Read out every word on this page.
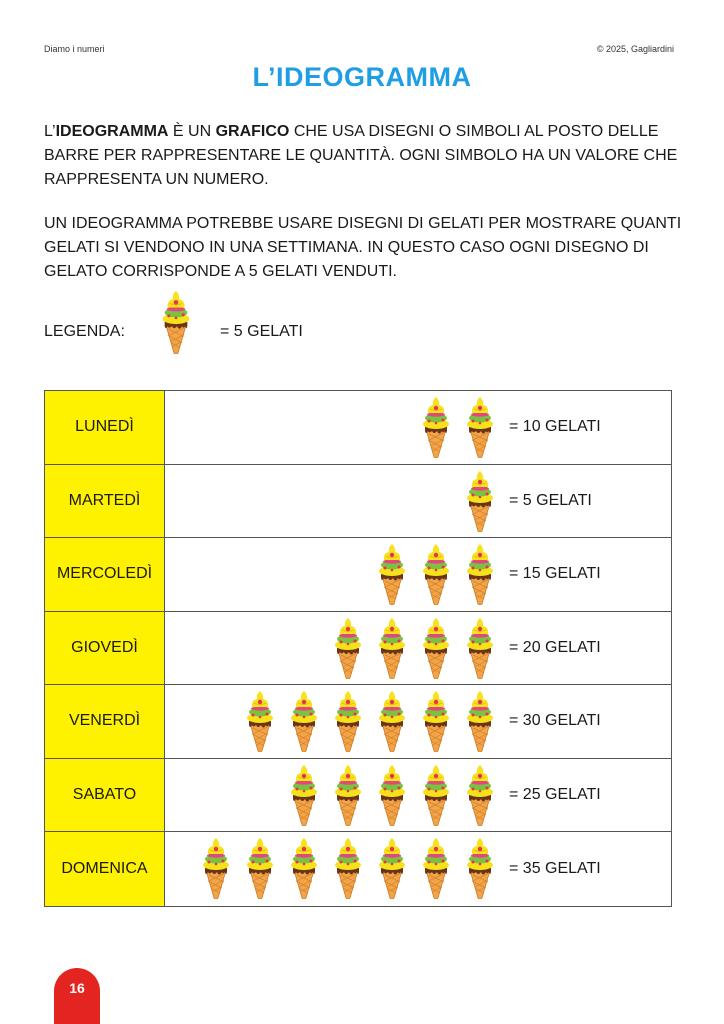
Diamo i numeri	© 2025, Gagliardini
L’IDEOGRAMMA

L’IDEOGRAMMA È UN GRAFICO CHE USA DISEGNI O SIMBOLI AL POSTO DELLE BARRE PER RAPPRESENTARE LE QUANTITÀ. OGNI SIMBOLO HA UN VALORE CHE RAPPRESENTA UN NUMERO.

UN IDEOGRAMMA POTREBBE USARE DISEGNI DI GELATI PER MOSTRARE QUANTI GELATI SI VENDONO IN UNA SETTIMANA. IN QUESTO CASO OGNI DISEGNO DI GELATO CORRISPONDE A 5 GELATI VENDUTI.

LEGENDA:	= 5 GELATI
LUNEDÌ	= 10 GELATI
MARTEDÌ	= 5 GELATI
MERCOLEDÌ	= 15 GELATI
GIOVEDÌ	= 20 GELATI
VENERDÌ	= 30 GELATI
SABATO	= 25 GELATI
DOMENICA	= 35 GELATI
16
